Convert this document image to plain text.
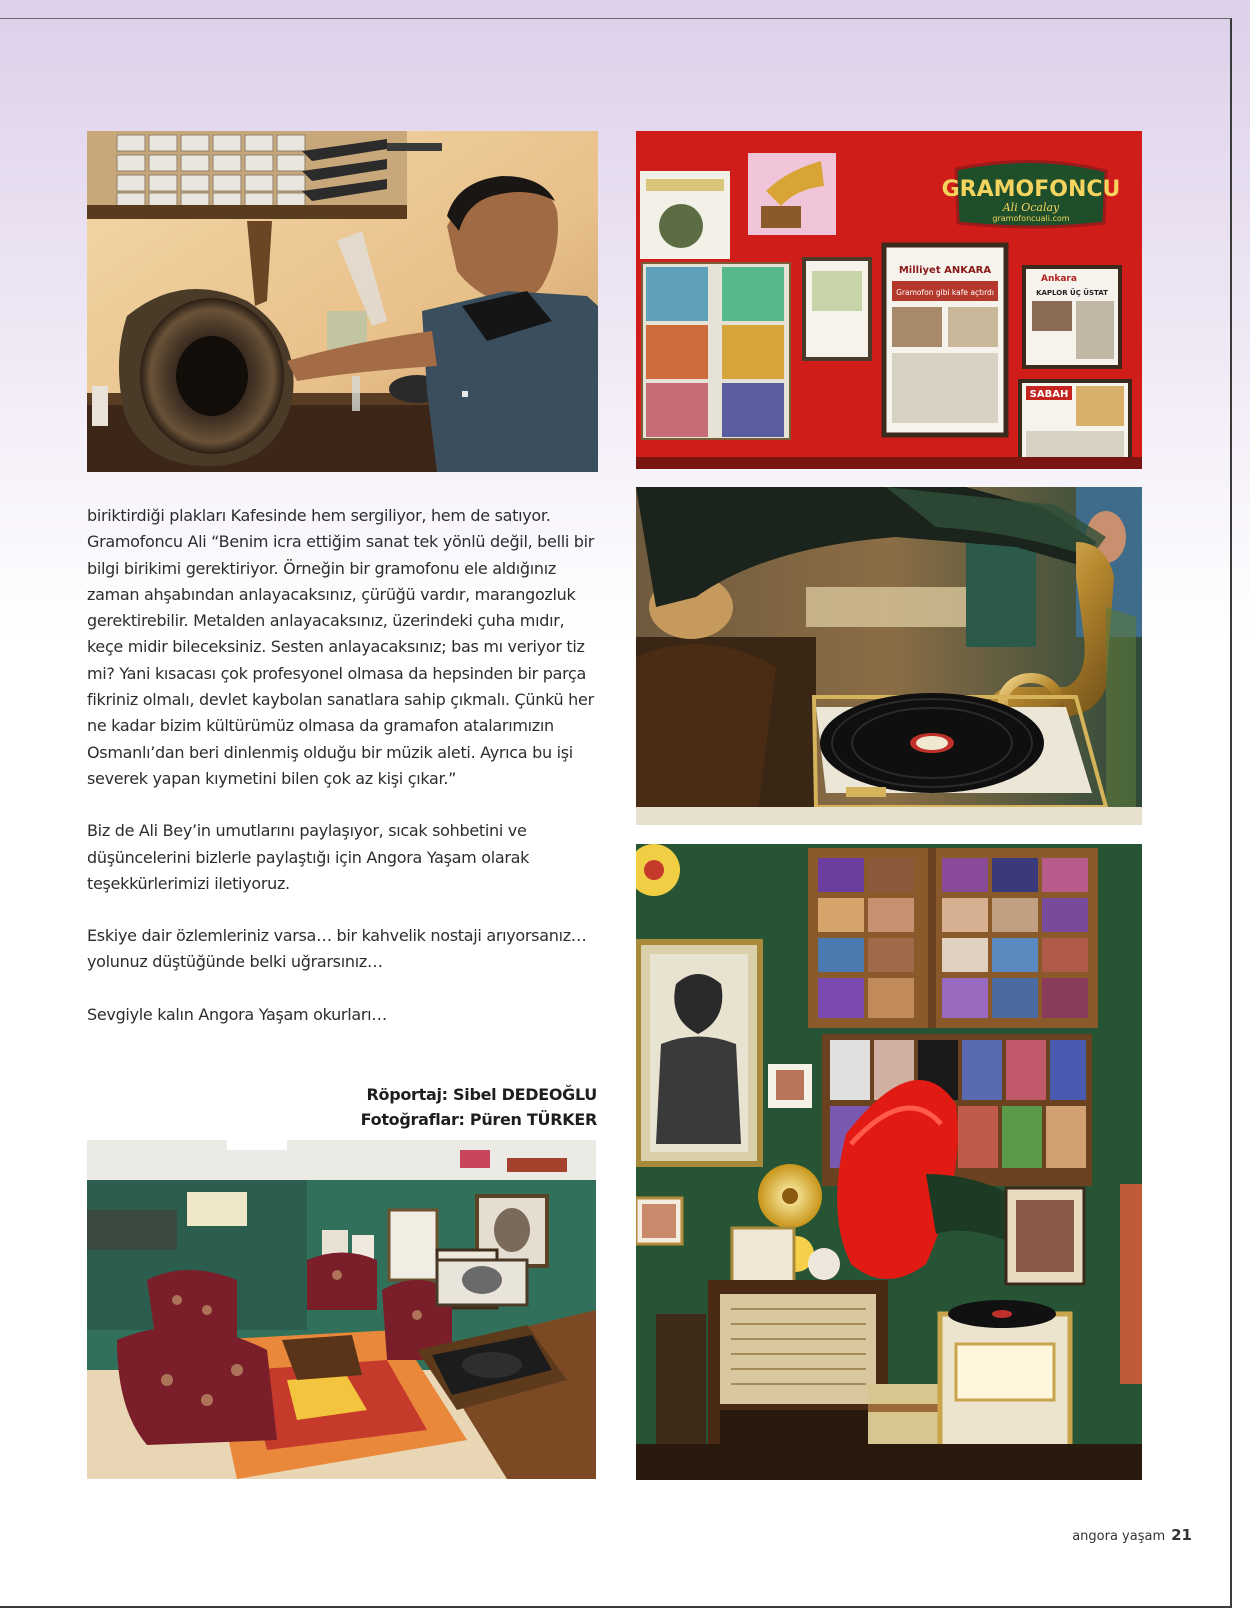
GRAMOFONCU
Ali Ocalay
gramofoncuali.com
Milliyet ANKARA
Gramofon gibi kafe açtırdı
Ankara
KAPLOR ÜÇ ÜSTAT
SABAH

biriktirdiği plakları Kafesinde hem sergiliyor, hem de satıyor. Gramofoncu Ali “Benim icra ettiğim sanat tek yönlü değil, belli bir bilgi birikimi gerektiriyor. Örneğin bir gramofonu ele aldığınız zaman ahşabından anlayacaksınız, çürüğü vardır, marangozluk gerektirebilir. Metalden anlayacaksınız, üzerindeki çuha mıdır, keçe midir bileceksiniz. Sesten anlayacaksınız; bas mı veriyor tiz mi? Yani kısacası çok profesyonel olmasa da hepsinden bir parça fikriniz olmalı, devlet kaybolan sanatlara sahip çıkmalı. Çünkü her ne kadar bizim kültürümüz olmasa da gramafon atalarımızın Osmanlı’dan beri dinlenmiş olduğu bir müzik aleti. Ayrıca bu işi severek yapan kıymetini bilen çok az kişi çıkar.”

Biz de Ali Bey’in umutlarını paylaşıyor, sıcak sohbetini ve düşüncelerini bizlerle paylaştığı için Angora Yaşam olarak teşekkürlerimizi iletiyoruz.

Eskiye dair özlemleriniz varsa… bir kahvelik nostaji arıyorsanız… yolunuz düştüğünde belki uğrarsınız…

Sevgiyle kalın Angora Yaşam okurları…

Röportaj: Sibel DEDEOĞLU
Fotoğraflar: Püren TÜRKER
angora yaşam 21
